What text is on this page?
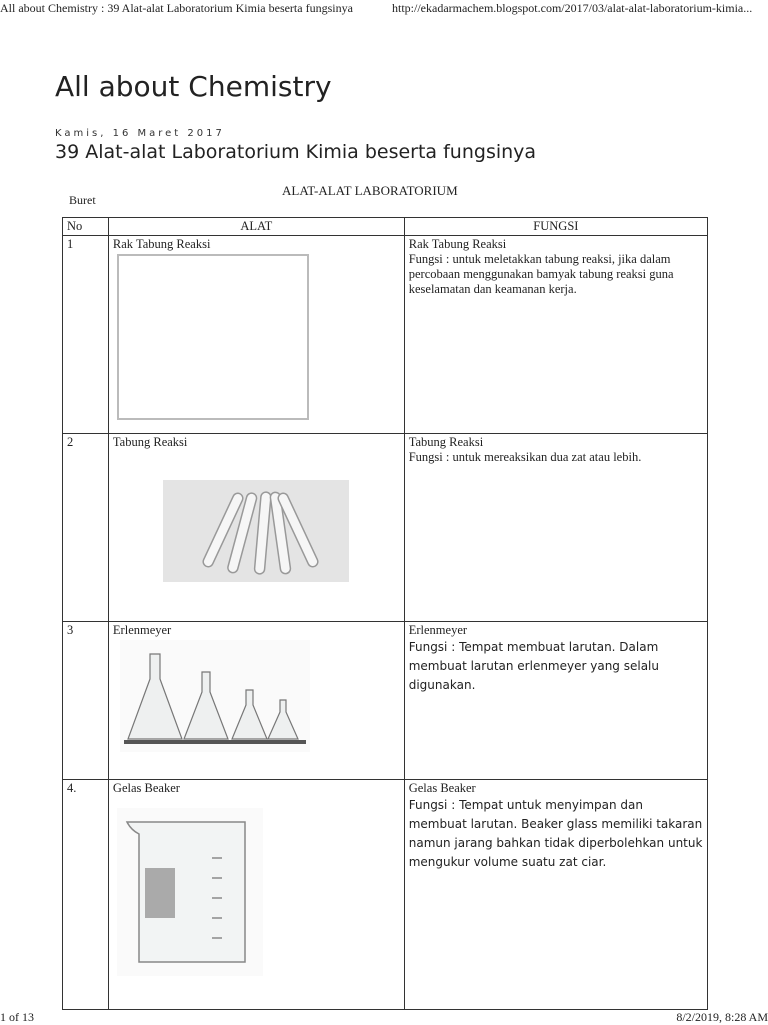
All about Chemistry : 39 Alat-alat Laboratorium Kimia beserta fungsinya	http://ekadarmachem.blogspot.com/2017/03/alat-alat-laboratorium-kimia...
All about Chemistry
Kamis, 16 Maret 2017
39 Alat-alat Laboratorium Kimia beserta fungsinya
ALAT-ALAT LABORATORIUM
Buret
No	ALAT	FUNGSI
1	Rak Tabung Reaksi	Rak Tabung Reaksi
Fungsi : untuk meletakkan tabung reaksi, jika dalam percobaan menggunakan bamyak tabung reaksi guna keselamatan dan keamanan kerja.

2	Tabung Reaksi	Tabung Reaksi
Fungsi : untuk mereaksikan dua zat atau lebih.

3	Erlenmeyer	Erlenmeyer
Fungsi : Tempat membuat larutan. Dalam membuat larutan erlenmeyer yang selalu digunakan.

4.	Gelas Beaker	Gelas Beaker
Fungsi : Tempat untuk menyimpan dan membuat larutan. Beaker glass memiliki takaran namun jarang bahkan tidak diperbolehkan untuk mengukur volume suatu zat ciar.
1 of 13	8/2/2019, 8:28 AM
